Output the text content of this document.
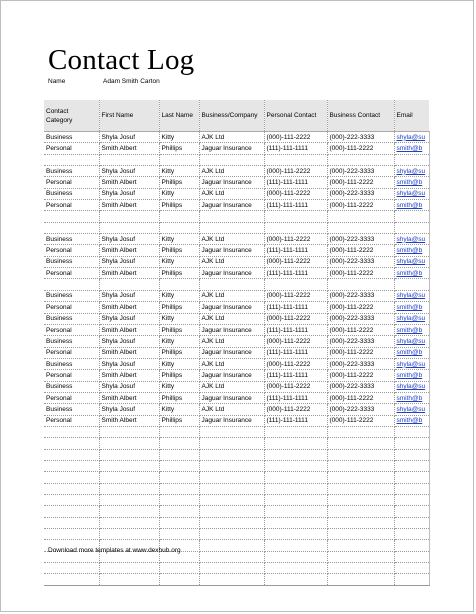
Contact Log
Name	Adam Smith Carton
Contact Category	First Name	Last Name	Business/Company	Personal Contact	Business Contact	Email
Business	Shyla Josuf	Kitty	AJK Ltd	(000)-111-2222	(000)-222-3333	shyla@su
Personal	Smith Albert	Phillips	Jaguar Insurance	(111)-111-1111	(000)-111-2222	smith@b

Business	Shyla Josuf	Kitty	AJK Ltd	(000)-111-2222	(000)-222-3333	shyla@su
Personal	Smith Albert	Phillips	Jaguar Insurance	(111)-111-1111	(000)-111-2222	smith@b
Business	Shyla Josuf	Kitty	AJK Ltd	(000)-111-2222	(000)-222-3333	shyla@su
Personal	Smith Albert	Phillips	Jaguar Insurance	(111)-111-1111	(000)-111-2222	smith@b

Business	Shyla Josuf	Kitty	AJK Ltd	(000)-111-2222	(000)-222-3333	shyla@su
Personal	Smith Albert	Phillips	Jaguar Insurance	(111)-111-1111	(000)-111-2222	smith@b
Business	Shyla Josuf	Kitty	AJK Ltd	(000)-111-2222	(000)-222-3333	shyla@su
Personal	Smith Albert	Phillips	Jaguar Insurance	(111)-111-1111	(000)-111-2222	smith@b

Business	Shyla Josuf	Kitty	AJK Ltd	(000)-111-2222	(000)-222-3333	shyla@su
Personal	Smith Albert	Phillips	Jaguar Insurance	(111)-111-1111	(000)-111-2222	smith@b
Business	Shyla Josuf	Kitty	AJK Ltd	(000)-111-2222	(000)-222-3333	shyla@su
Personal	Smith Albert	Phillips	Jaguar Insurance	(111)-111-1111	(000)-111-2222	smith@b
Business	Shyla Josuf	Kitty	AJK Ltd	(000)-111-2222	(000)-222-3333	shyla@su
Personal	Smith Albert	Phillips	Jaguar Insurance	(111)-111-1111	(000)-111-2222	smith@b
Business	Shyla Josuf	Kitty	AJK Ltd	(000)-111-2222	(000)-222-3333	shyla@su
Personal	Smith Albert	Phillips	Jaguar Insurance	(111)-111-1111	(000)-111-2222	smith@b
Business	Shyla Josuf	Kitty	AJK Ltd	(000)-111-2222	(000)-222-3333	shyla@su
Personal	Smith Albert	Phillips	Jaguar Insurance	(111)-111-1111	(000)-111-2222	smith@b
Business	Shyla Josuf	Kitty	AJK Ltd	(000)-111-2222	(000)-222-3333	shyla@su
Personal	Smith Albert	Phillips	Jaguar Insurance	(111)-111-1111	(000)-111-2222	smith@b

Download more templates at www.dexhub.org
